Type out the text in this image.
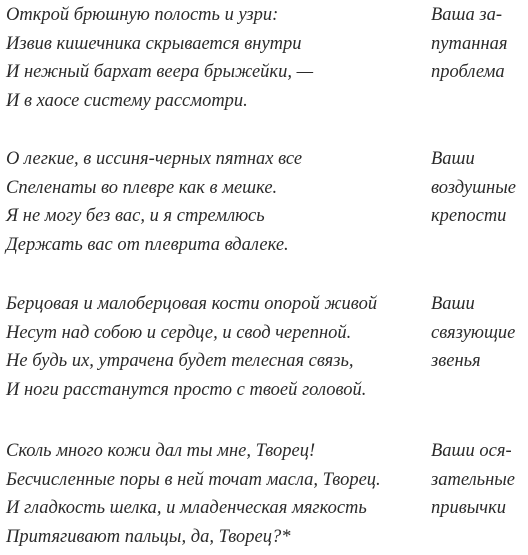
Открой брюшную полость и узри:
Извив кишечника скрывается внутри
И нежный бархат веера брыжейки, —
И в хаосе систему рассмотри.
Ваша за-
путанная
проблема
О легкие, в иссиня-черных пятнах все
Спеленаты во плевре как в мешке.
Я не могу без вас, и я стремлюсь
Держать вас от плеврита вдалеке.
Ваши
воздушные
крепости
Берцовая и малоберцовая кости опорой живой
Несут над собою и сердце, и свод черепной.
Не будь их, утрачена будет телесная связь,
И ноги расстанутся просто с твоей головой.
Ваши
связующие
звенья
Сколь много кожи дал ты мне, Творец!
Бесчисленные поры в ней точат масла, Творец.
И гладкость шелка, и младенческая мягкость
Притягивают пальцы, да, Творец?*
Ваши ося-
зательные
привычки
